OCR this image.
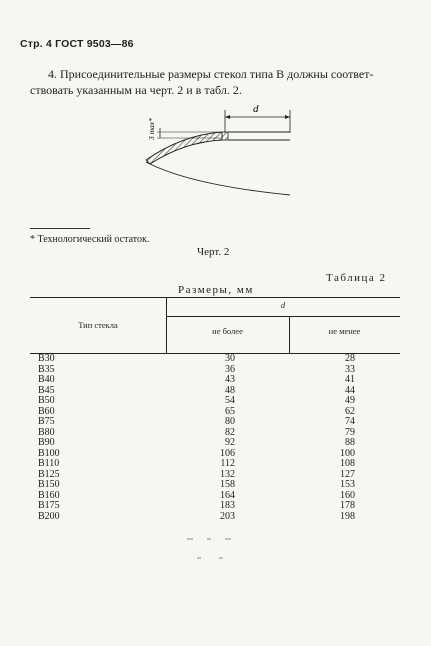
Стр. 4 ГОСТ 9503—86

4. Присоединительные размеры стекол типа В должны соответ-

ствовать указанным на черт. 2 и в табл. 2.

d
3 max*
* Технологический остаток.
Черт. 2
Таблица 2
Размеры, мм
Тип стекла
d
не более	не менее
В30	30	28
В35	36	33
В40	43	41
В45	48	44
В50	54	49
В60	65	62
В75	80	74
В80	82	79
В90	92	88
В100	106	100
В110	112	108
В125	132	127
В150	158	153
В160	164	160
В175	183	178
В200	203	198
